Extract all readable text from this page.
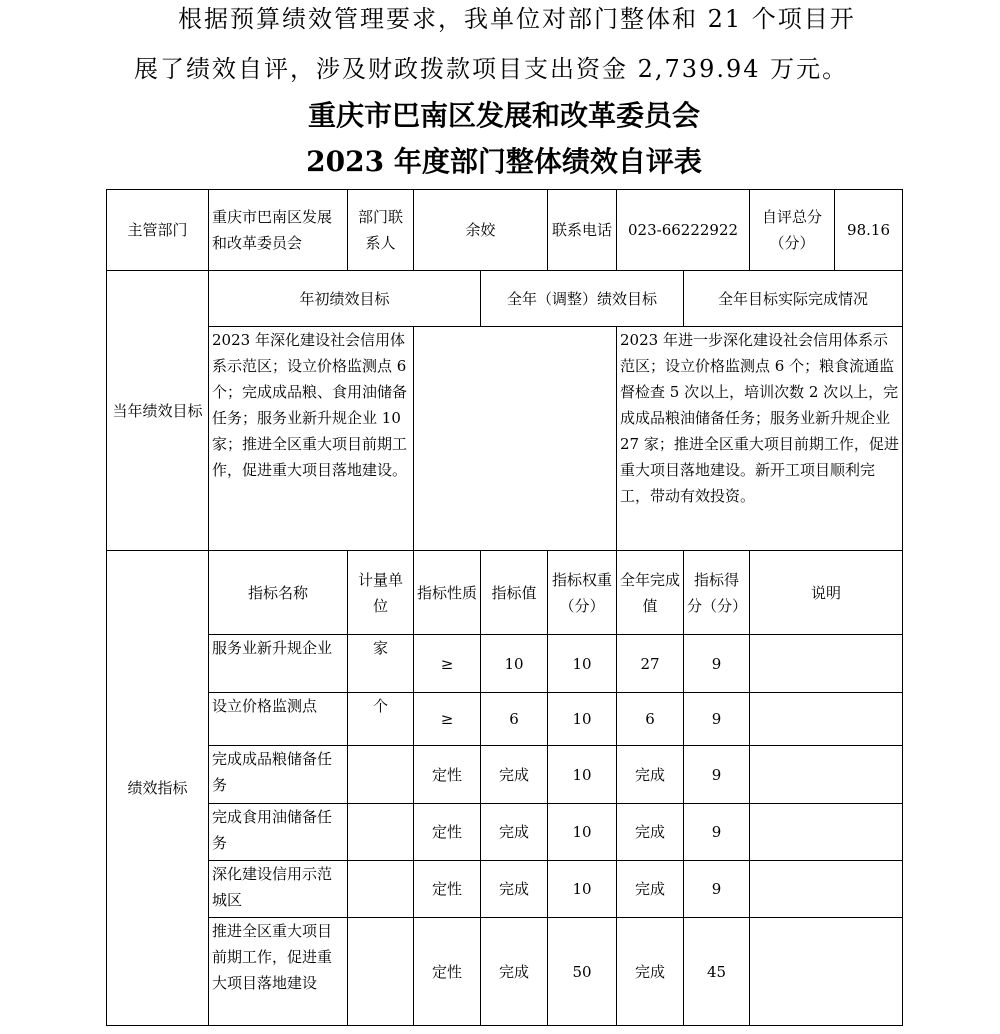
根据预算绩效管理要求，我单位对部门整体和 21 个项目开
展了绩效自评，涉及财政拨款项目支出资金 2,739.94 万元。
重庆市巴南区发展和改革委员会
2023 年度部门整体绩效自评表
主管部门	重庆市巴南区发展和改革委员会	部门联系人	余姣		联系电话	023-66222922		自评总分（分）	98.16
当年绩效目标	年初绩效目标			全年（调整）绩效目标			全年目标实际完成情况		
	2023 年深化建设社会信用体系示范区；设立价格监测点 6 个；完成成品粮、食用油储备任务；服务业新升规企业 10 家；推进全区重大项目前期工作，促进重大项目落地建设。					2023 年进一步深化建设社会信用体系示范区；设立价格监测点 6 个；粮食流通监督检查 5 次以上，培训次数 2 次以上，完成成品粮油储备任务；服务业新升规企业 27 家；推进全区重大项目前期工作，促进重大项目落地建设。新开工项目顺利完工，带动有效投资。			
绩效指标	指标名称	计量单位	指标性质	指标值	指标权重（分）	全年完成值	指标得分（分）	说明	
	服务业新升规企业	家	≥	10	10	27	9		
	设立价格监测点	个	≥	6	10	6	9		
	完成成品粮储备任务		定性	完成	10	完成	9		
	完成食用油储备任务		定性	完成	10	完成	9		
	深化建设信用示范城区		定性	完成	10	完成	9		
	推进全区重大项目前期工作，促进重大项目落地建设		定性	完成	50	完成	45		
